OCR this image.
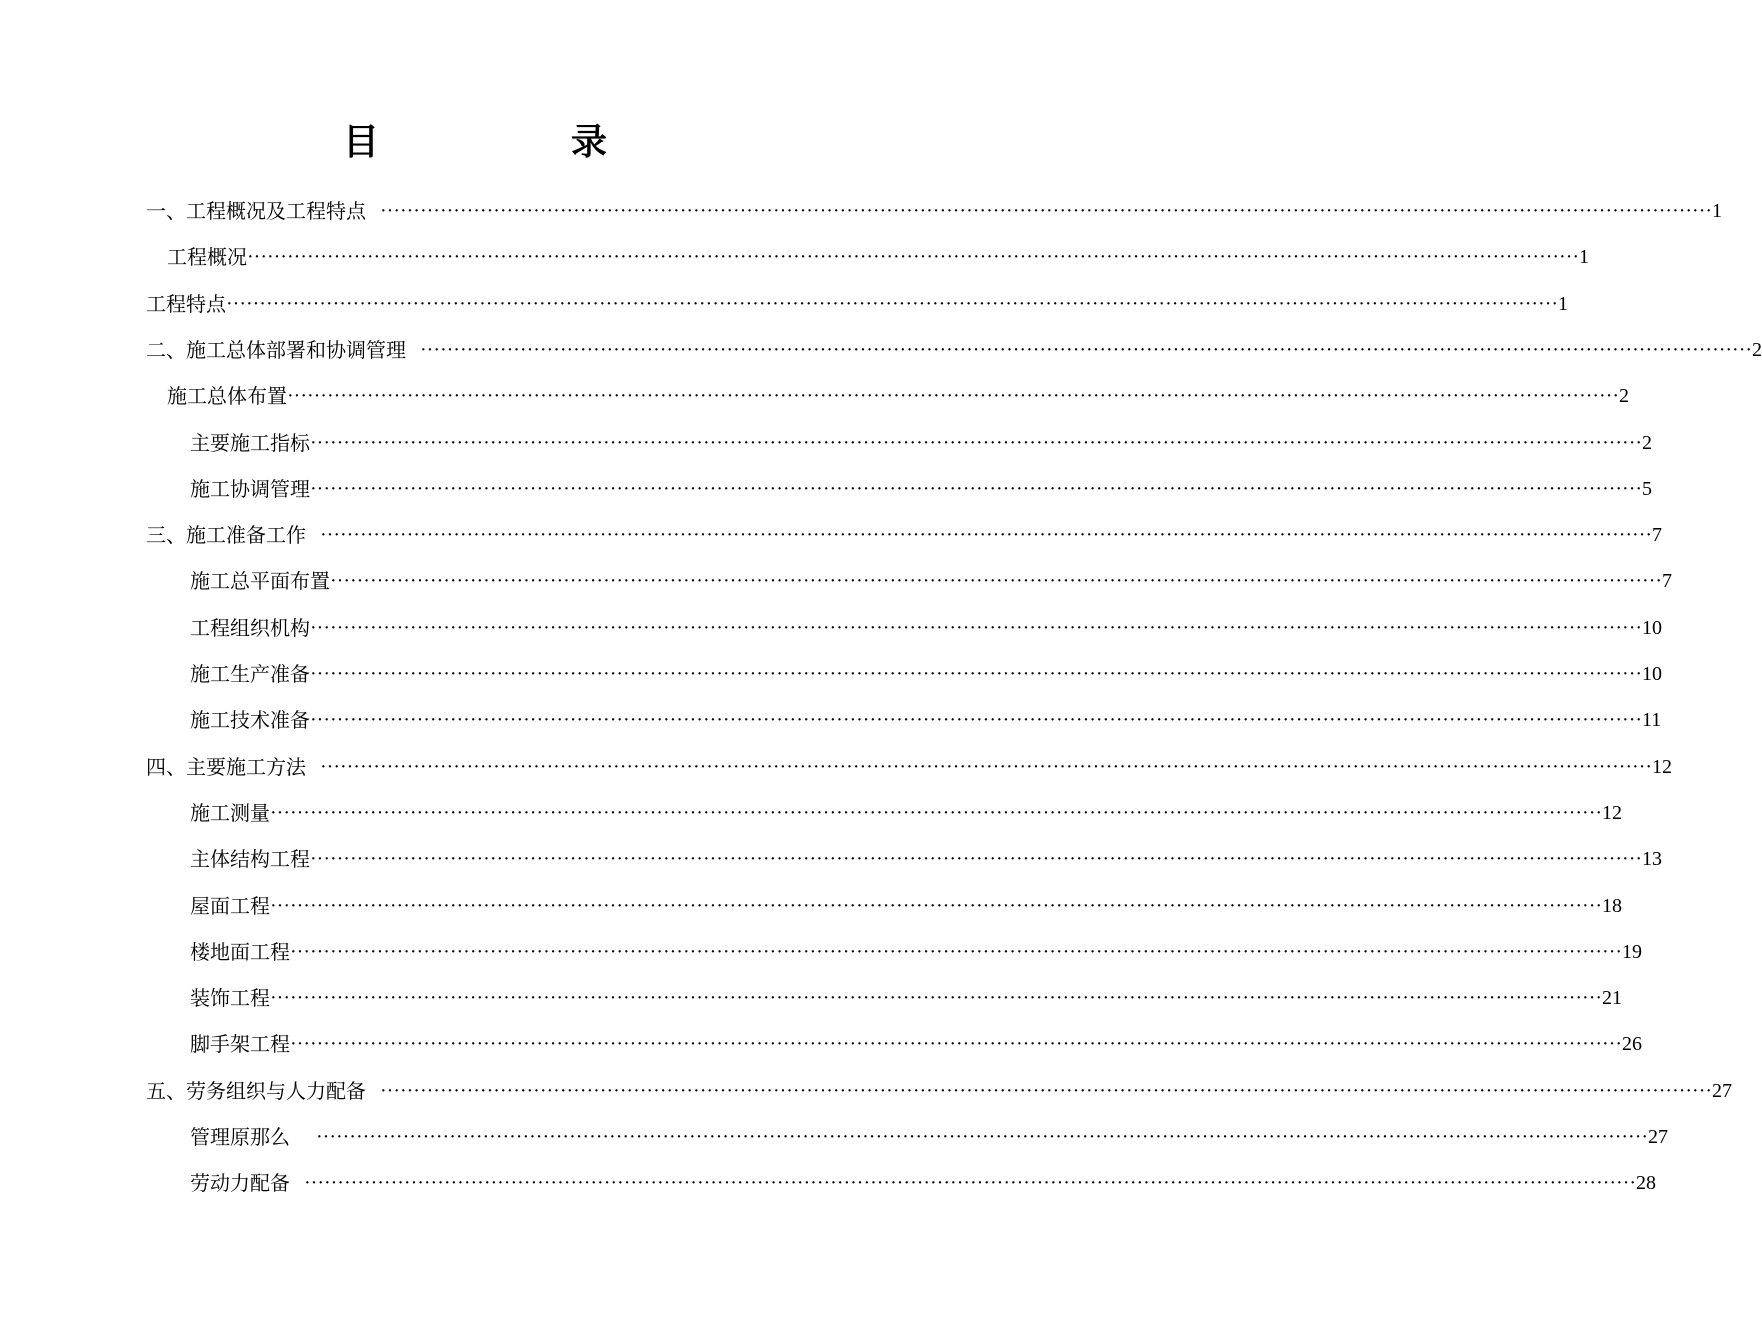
目　录
一、工程概况及工程特点 ········································································································································································································ 1
工程概况 ········································································································································································································ 1
工程特点 ········································································································································································································ 1
二、施工总体部署和协调管理 ········································································································································································································ 2
施工总体布置 ········································································································································································································ 2
主要施工指标 ········································································································································································································ 2
施工协调管理 ········································································································································································································ 5
三、施工准备工作 ········································································································································································································ 7
施工总平面布置 ········································································································································································································ 7
工程组织机构 ········································································································································································································ 10
施工生产准备 ········································································································································································································ 10
施工技术准备 ········································································································································································································ 11
四、主要施工方法 ········································································································································································································ 12
施工测量 ········································································································································································································ 12
主体结构工程 ········································································································································································································ 13
屋面工程 ········································································································································································································ 18
楼地面工程 ········································································································································································································ 19
装饰工程 ········································································································································································································ 21
脚手架工程 ········································································································································································································ 26
五、劳务组织与人力配备 ········································································································································································································ 27
管理原那么 ········································································································································································································ 27
劳动力配备 ········································································································································································································ 28
